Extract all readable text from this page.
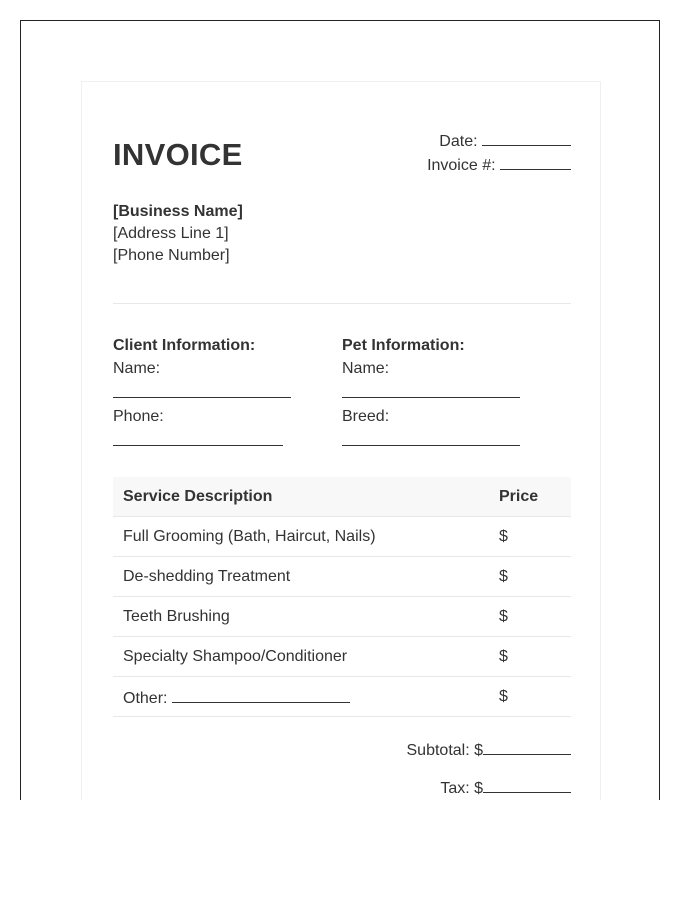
INVOICE	Date:
Invoice #:
[Business Name]
[Address Line 1]
[Phone Number]
Client Information:
Name:
Phone:
Pet Information:
Name:
Breed:
Service Description	Price
Full Grooming (Bath, Haircut, Nails)	$
De-shedding Treatment	$
Teeth Brushing	$
Specialty Shampoo/Conditioner	$
Other:	$
Subtotal: $
Tax: $
